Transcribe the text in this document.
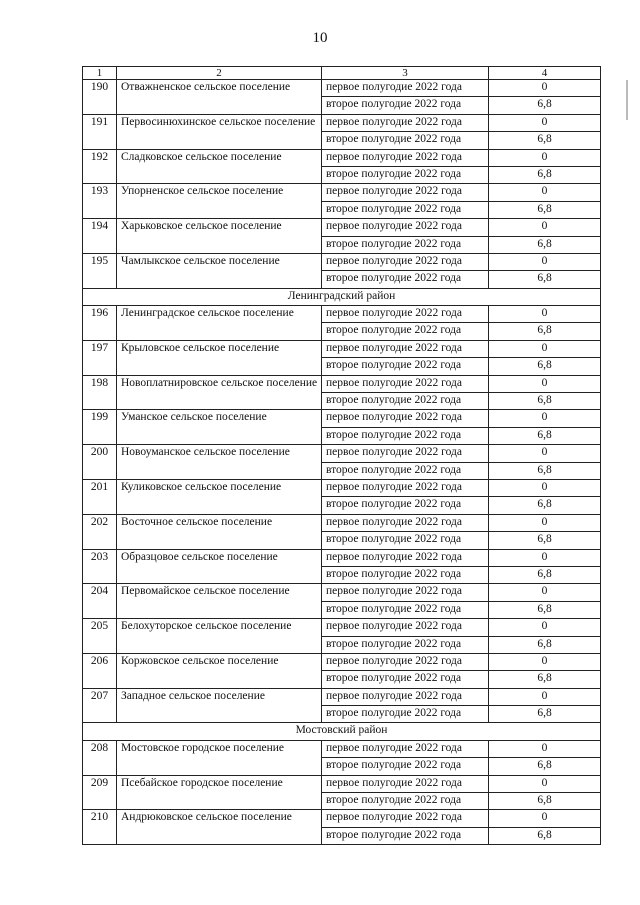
10
1	2	3	4
190	Отважненское сельское поселение	первое полугодие 2022 года	0
		второе полугодие 2022 года	6,8
191	Первосинюхинское сельское поселение	первое полугодие 2022 года	0
		второе полугодие 2022 года	6,8
192	Сладковское сельское поселение	первое полугодие 2022 года	0
		второе полугодие 2022 года	6,8
193	Упорненское сельское поселение	первое полугодие 2022 года	0
		второе полугодие 2022 года	6,8
194	Харьковское сельское поселение	первое полугодие 2022 года	0
		второе полугодие 2022 года	6,8
195	Чамлыкское сельское поселение	первое полугодие 2022 года	0
		второе полугодие 2022 года	6,8
Ленинградский район			
196	Ленинградское сельское поселение	первое полугодие 2022 года	0
		второе полугодие 2022 года	6,8
197	Крыловское сельское поселение	первое полугодие 2022 года	0
		второе полугодие 2022 года	6,8
198	Новоплатнировское сельское поселение	первое полугодие 2022 года	0
		второе полугодие 2022 года	6,8
199	Уманское сельское поселение	первое полугодие 2022 года	0
		второе полугодие 2022 года	6,8
200	Новоуманское сельское поселение	первое полугодие 2022 года	0
		второе полугодие 2022 года	6,8
201	Куликовское сельское поселение	первое полугодие 2022 года	0
		второе полугодие 2022 года	6,8
202	Восточное сельское поселение	первое полугодие 2022 года	0
		второе полугодие 2022 года	6,8
203	Образцовое сельское поселение	первое полугодие 2022 года	0
		второе полугодие 2022 года	6,8
204	Первомайское сельское поселение	первое полугодие 2022 года	0
		второе полугодие 2022 года	6,8
205	Белохуторское сельское поселение	первое полугодие 2022 года	0
		второе полугодие 2022 года	6,8
206	Коржовское сельское поселение	первое полугодие 2022 года	0
		второе полугодие 2022 года	6,8
207	Западное сельское поселение	первое полугодие 2022 года	0
		второе полугодие 2022 года	6,8
Мостовский район			
208	Мостовское городское поселение	первое полугодие 2022 года	0
		второе полугодие 2022 года	6,8
209	Псебайское городское поселение	первое полугодие 2022 года	0
		второе полугодие 2022 года	6,8
210	Андрюковское сельское поселение	первое полугодие 2022 года	0
		второе полугодие 2022 года	6,8
